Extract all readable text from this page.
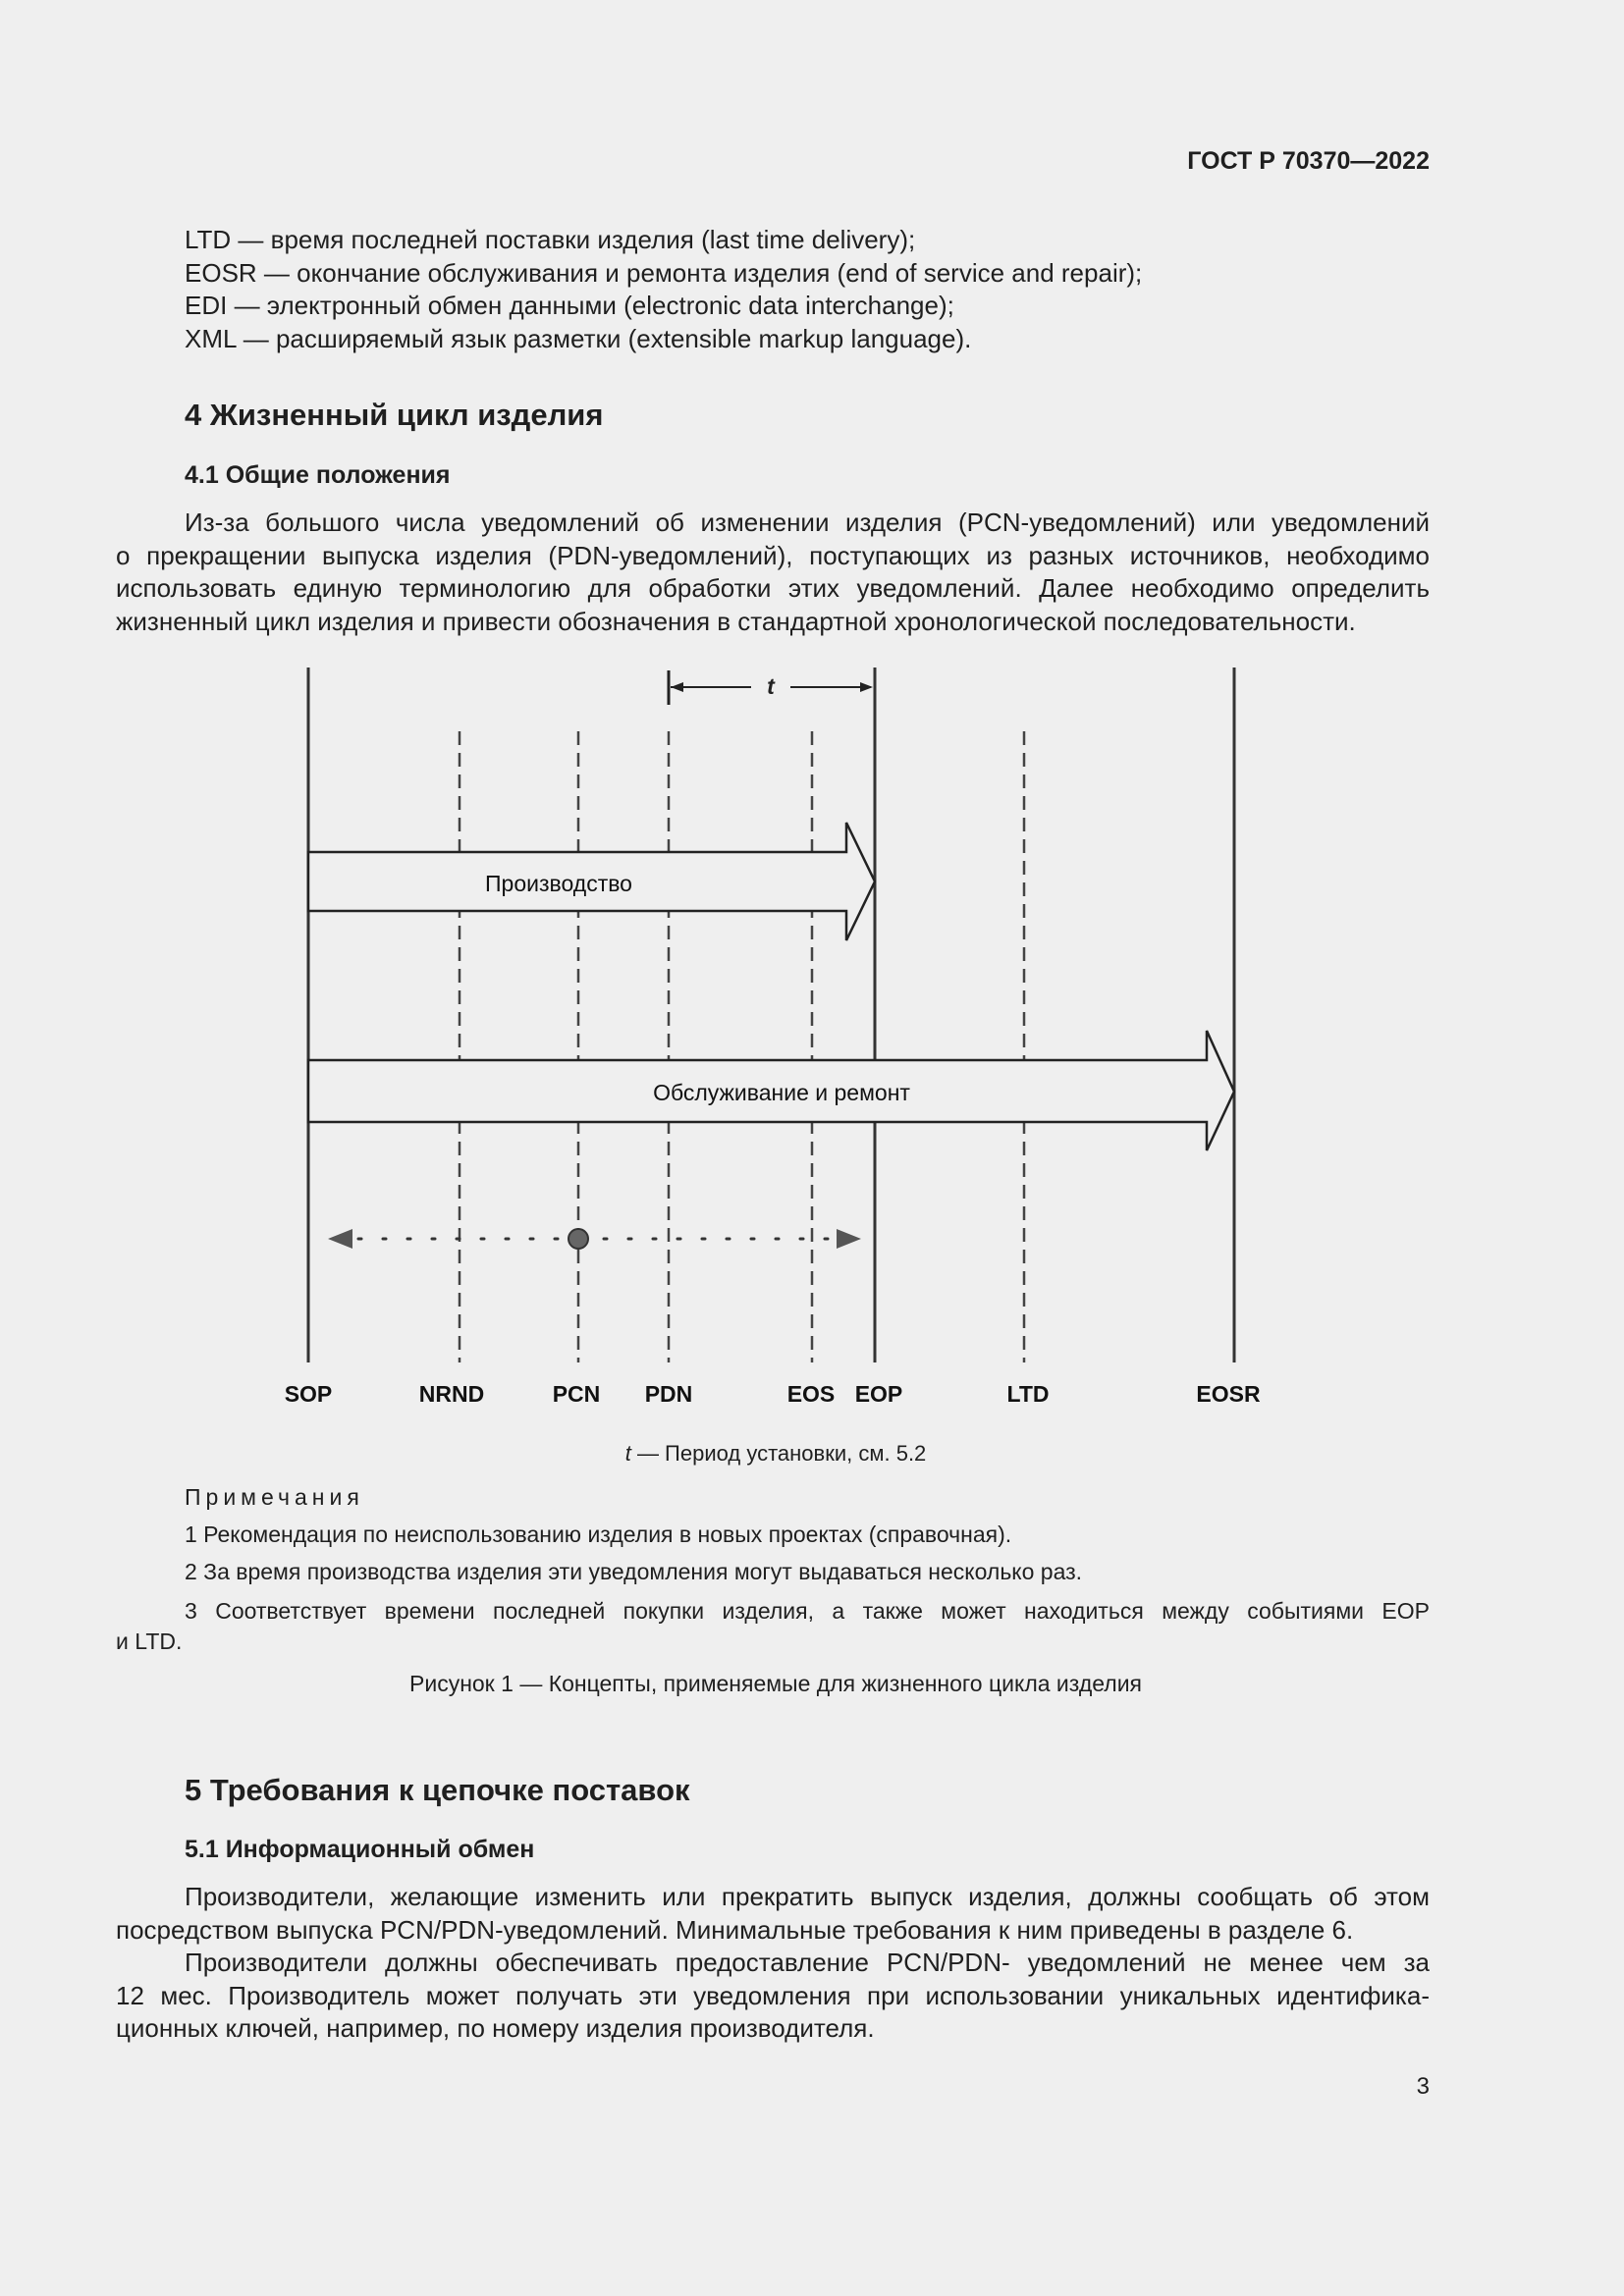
ГОСТ Р 70370—2022
LTD — время последней поставки изделия (last time delivery);
EOSR — окончание обслуживания и ремонта изделия (end of service and repair);
EDI — электронный обмен данными (electronic data interchange);
XML — расширяемый язык разметки (extensible markup language).
4 Жизненный цикл изделия
4.1 Общие положения
Из-за большого числа уведомлений об изменении изделия (PCN-уведомлений) или уведомлений
о прекращении выпуска изделия (PDN-уведомлений), поступающих из разных источников, необходимо
использовать единую терминологию для обработки этих уведомлений. Далее необходимо определить
жизненный цикл изделия и привести обозначения в стандартной хронологической последовательности.
t
Производство
Обслуживание и ремонт
SOP	NRND	PCN PDN	EOS EOP	LTD	EOSR
t — Период установки, см. 5.2
Примечания
1 Рекомендация по неиспользованию изделия в новых проектах (справочная).
2 За время производства изделия эти уведомления могут выдаваться несколько раз.
3 Соответствует времени последней покупки изделия, а также может находиться между событиями EOP
и LTD.
Рисунок 1 — Концепты, применяемые для жизненного цикла изделия
5 Требования к цепочке поставок
5.1 Информационный обмен
Производители, желающие изменить или прекратить выпуск изделия, должны сообщать об этом
посредством выпуска PCN/PDN-уведомлений. Минимальные требования к ним приведены в разделе 6.
Производители должны обеспечивать предоставление PCN/PDN- уведомлений не менее чем за
12 мес. Производитель может получать эти уведомления при использовании уникальных идентифика-
ционных ключей, например, по номеру изделия производителя.
3
